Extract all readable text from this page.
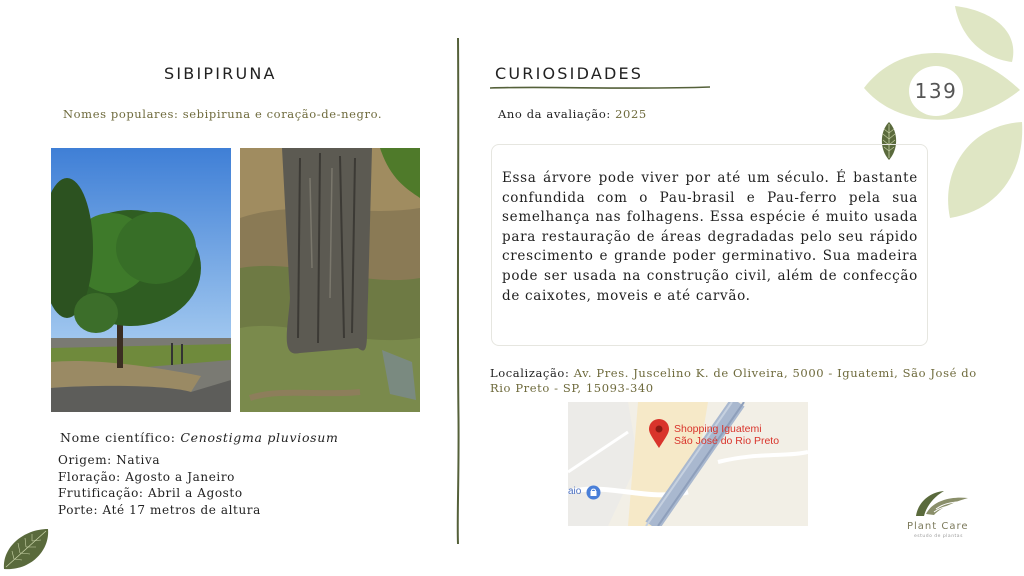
139
SIBIPIRUNA
Nomes populares: sebipiruna e coração-de-negro.
Nome científico: Cenostigma pluviosum
Origem: Nativa
Floração: Agosto a Janeiro
Frutificação: Abril a Agosto
Porte: Até 17 metros de altura
CURIOSIDADES
Ano da avaliação: 2025
Essa árvore pode viver por até um século. É bastante confundida com o Pau-brasil e Pau-ferro pela sua semelhança nas folhagens. Essa espécie é muito usada para restauração de áreas degradadas pelo seu rápido crescimento e grande poder germinativo. Sua madeira pode ser usada na construção civil, além de confecção de caixotes, moveis e até carvão.
Localização: Av. Pres. Juscelino K. de Oliveira, 5000 - Iguatemi, São José do Rio Preto - SP, 15093-340
Shopping Iguatemi
São José do Rio Preto
aio
Plant Care
estudo de plantas
